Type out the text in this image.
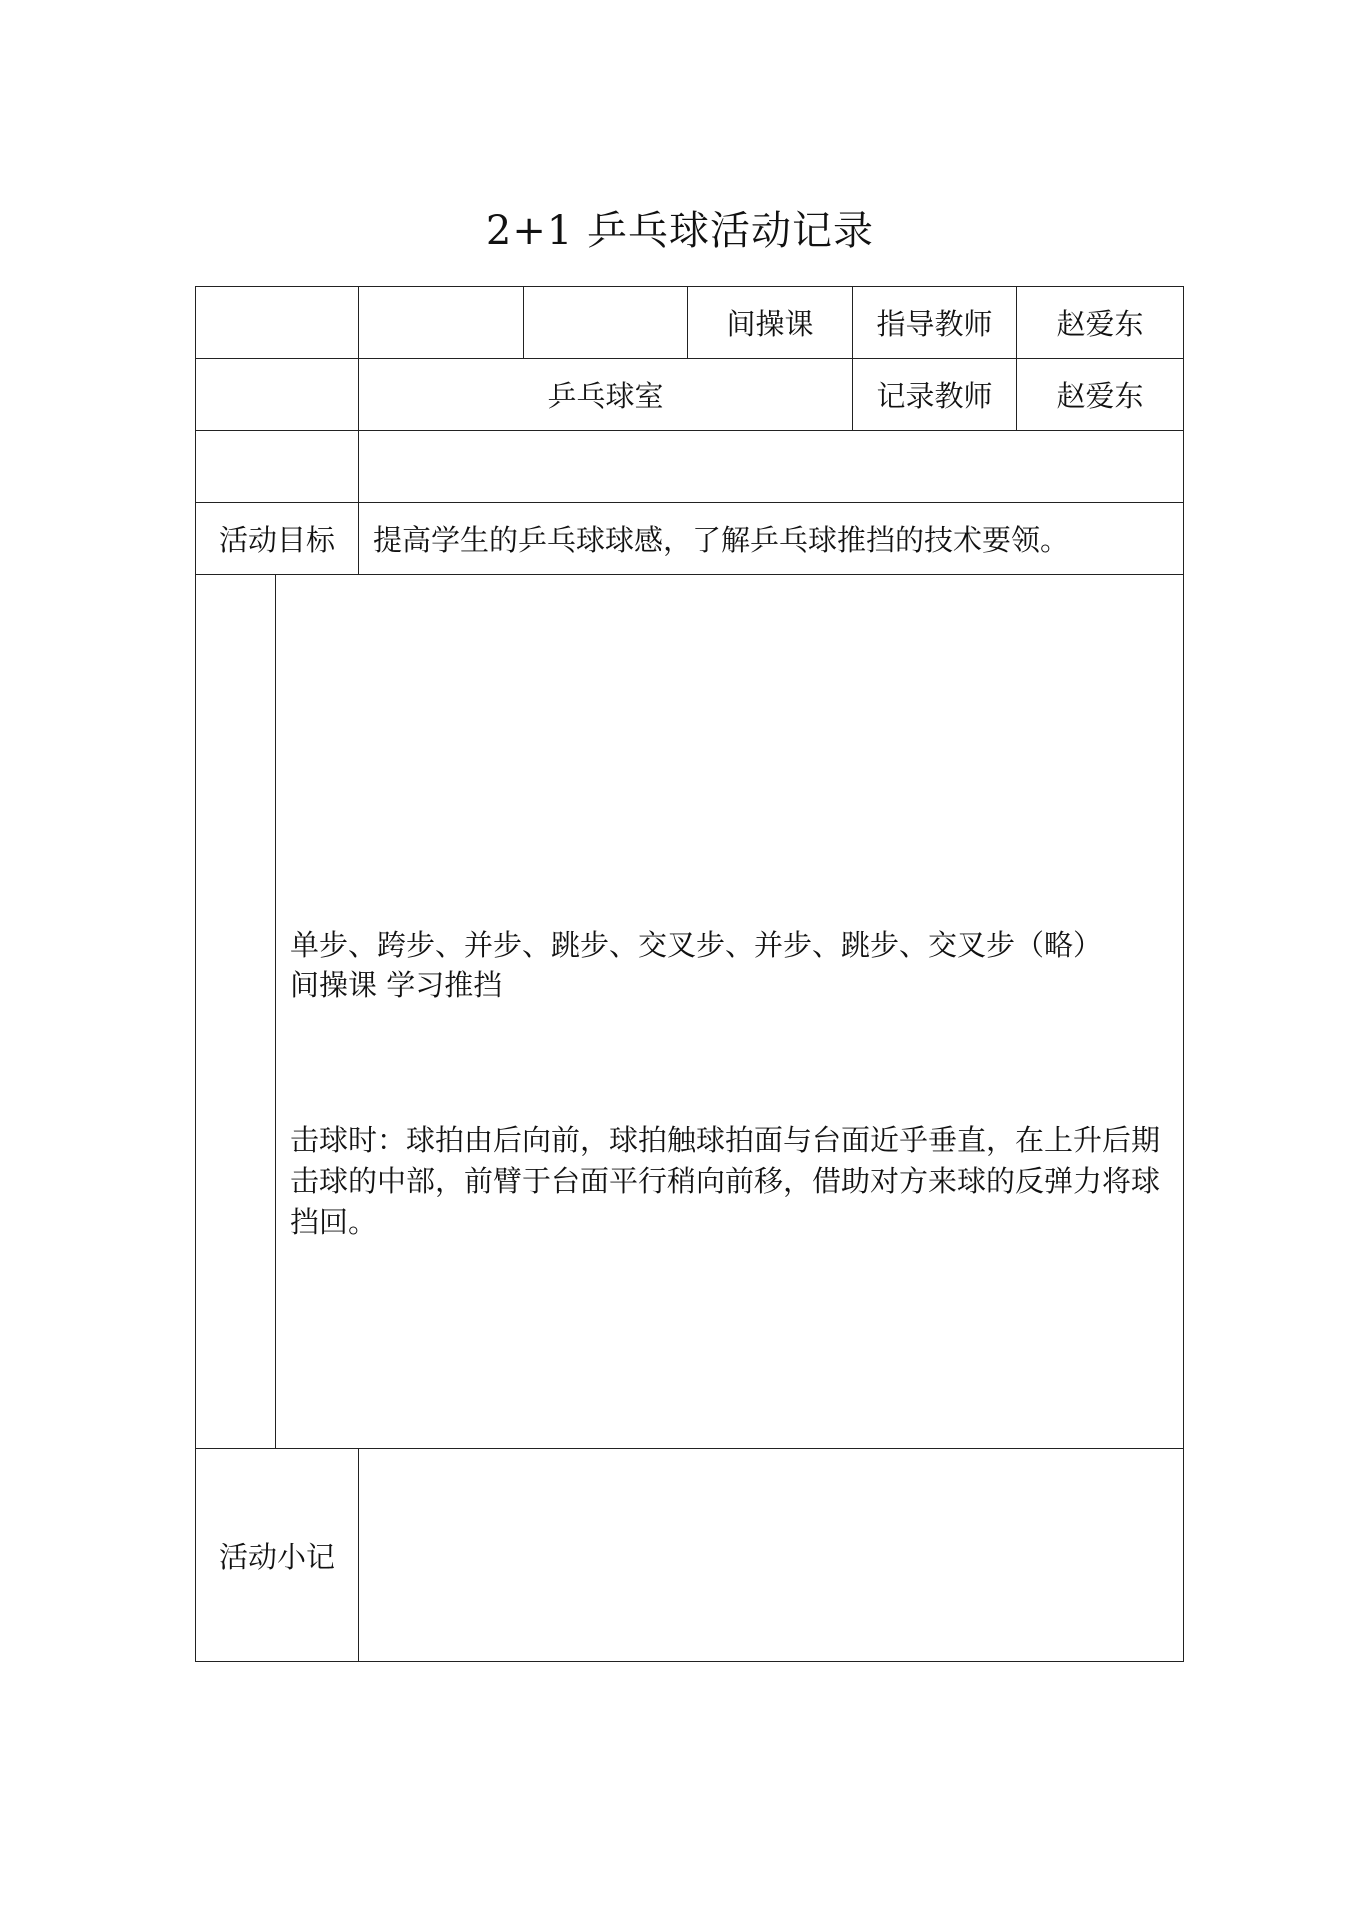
2+1 乒乓球活动记录
				间操课	指导教师	赵爱东
		乒乓球室			记录教师	赵爱东

活动目标		提高学生的乒乓球球感，了解乒乓球推挡的技术要领。				

	单步、跨步、并步、跳步、交叉步、并步、跳步、交叉步（略）
间操课 学习推挡
击球时：球拍由后向前，球拍触球拍面与台面近乎垂直，在上升后期击球的中部，前臂于台面平行稍向前移，借助对方来球的反弹力将球挡回。					

活动小记						
